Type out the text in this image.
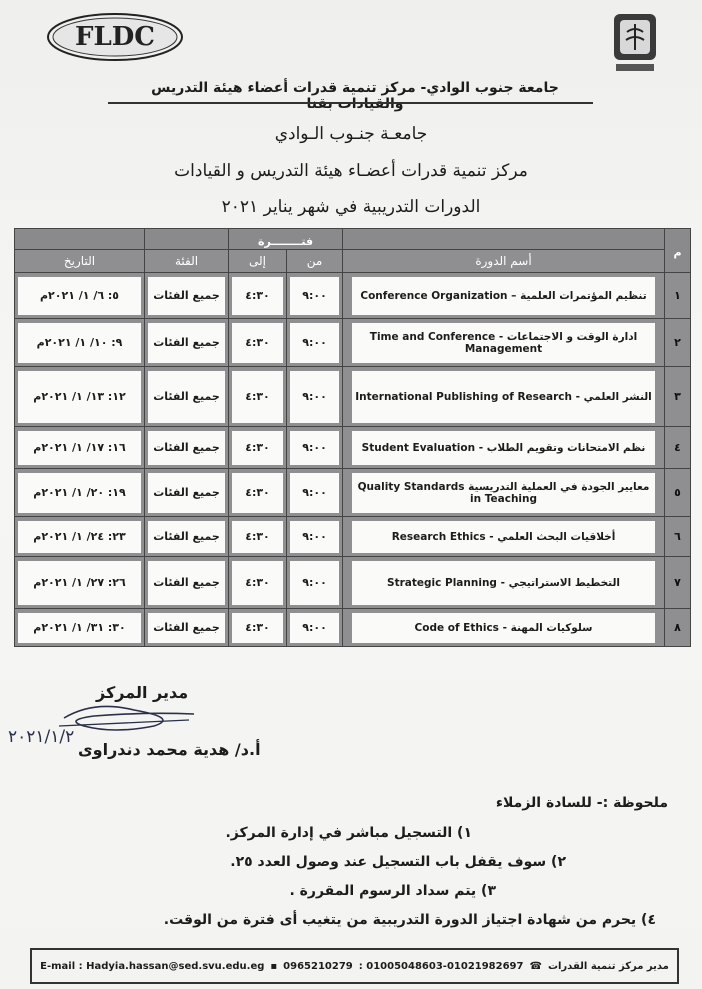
FLDC
جامعة جنوب الوادي- مركز تنمية قدرات أعضاء هيئة التدريس والقيادات بقنا
جامعـة جنـوب الـوادي
مركز تنمية قدرات أعضـاء هيئة التدريس و القيادات
الدورات التدريبية في شهر يناير ٢٠٢١
م		فتــــــــرة			
	أسم الدورة	من	إلى	الفئة	التاريخ
١	تنظيم المؤتمرات العلمية – Conference Organization	٩:٠٠	٤:٣٠	جميع الفئات	٥: ٦/ ١/ ٢٠٢١م

٢	ادارة الوقت و الاجتماعات - Time and Conference Management	٩:٠٠	٤:٣٠	جميع الفئات	٩: ١٠/ ١/ ٢٠٢١م

٣	النشر العلمي - International Publishing of Research	٩:٠٠	٤:٣٠	جميع الفئات	١٢: ١٣/ ١/ ٢٠٢١م

٤	نظم الامتحانات وتقويم الطلاب - Student Evaluation	٩:٠٠	٤:٣٠	جميع الفئات	١٦: ١٧/ ١/ ٢٠٢١م

٥	معايير الجودة في العملية التدريسية Quality Standards in Teaching	٩:٠٠	٤:٣٠	جميع الفئات	١٩: ٢٠/ ١/ ٢٠٢١م

٦	أخلاقيات البحث العلمي - Research Ethics	٩:٠٠	٤:٣٠	جميع الفئات	٢٣: ٢٤/ ١/ ٢٠٢١م

٧	التخطيط الاستراتيجي - Strategic Planning	٩:٠٠	٤:٣٠	جميع الفئات	٢٦: ٢٧/ ١/ ٢٠٢١م

٨	سلوكيات المهنة - Code of Ethics	٩:٠٠	٤:٣٠	جميع الفئات	٣٠: ٣١/ ١/ ٢٠٢١م
مدير المركز
٢٠٢١/١/٢
أ.د/ هدية محمد دندراوى
ملحوظة :- للسادة الزملاء
١) التسجيل مباشر في إدارة المركز.
٢) سوف يقفل باب التسجيل عند وصول العدد ٢٥.
٣) يتم سداد الرسوم المقررة .
٤) يحرم من شهادة اجتياز الدورة التدريبية من يتغيب أى فترة من الوقت.
مدير مركز تنمية القدرات
☎
01005048603-01021982697 :
0965210279
▪
E-mail : Hadyia.hassan@sed.svu.edu.eg
